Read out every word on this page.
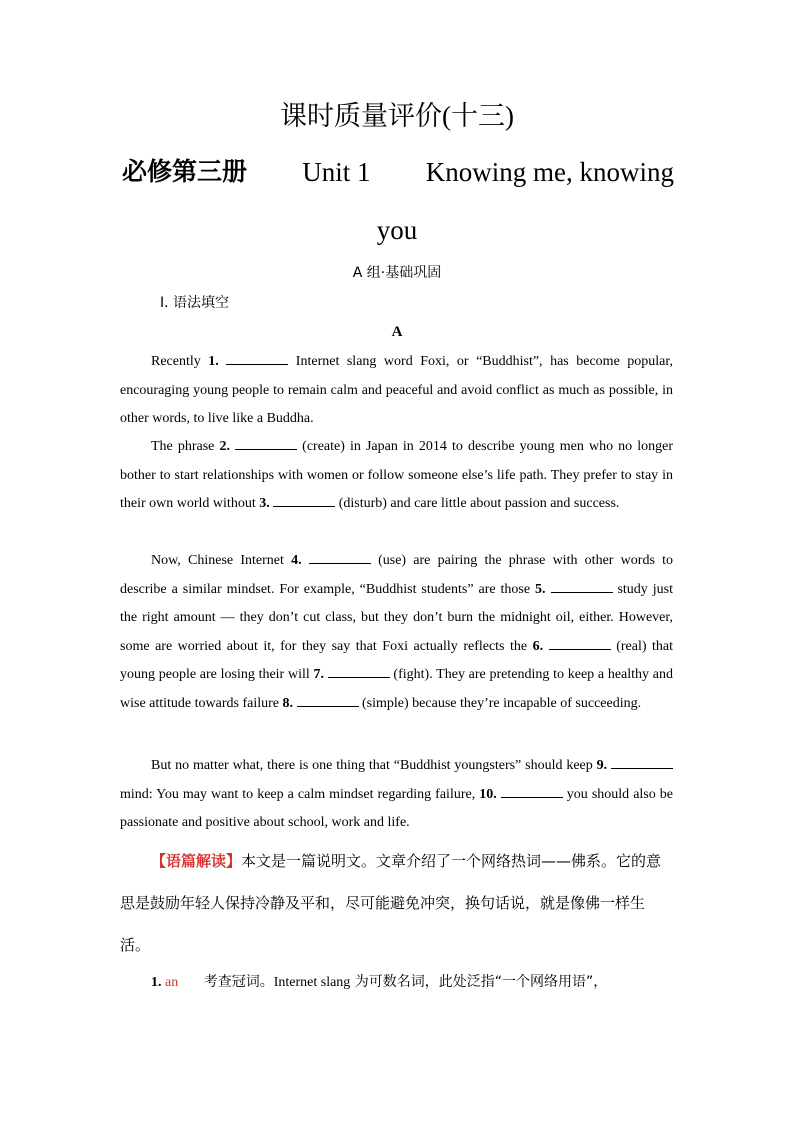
课时质量评价(十三)
必修第三册 Unit 1 Knowing me, knowing
you
A 组·基础巩固
Ⅰ. 语法填空
A

Recently 1.	Internet slang word Foxi, or “Buddhist”, has become popular, encouraging young people to remain calm and peaceful and avoid conflict as much as possible, in other words, to live like a Buddha.

The phrase 2.	(create) in Japan in 2014 to describe young men who no longer bother to start relationships with women or follow someone else’s life path. They prefer to stay in their own world without 3.	(disturb) and care little about passion and success.

Now, Chinese Internet 4.	(use) are pairing the phrase with other words to describe a similar mindset. For example, “Buddhist students” are those 5.	study just the right amount — they don’t cut class, but they don’t burn the midnight oil, either. However, some are worried about it, for they say that Foxi actually reflects the 6.	(real) that young people are losing their will 7.	(fight). They are pretending to keep a healthy and wise attitude towards failure 8.	(simple) because they’re incapable of succeeding.

But no matter what, there is one thing that “Buddhist youngsters” should keep 9.  mind: You may want to keep a calm mindset regarding failure, 10.	you should also be passionate and positive about school, work and life.

【语篇解读】本文是一篇说明文。文章介绍了一个网络热词——佛系。它的意思是鼓励年轻人保持冷静及平和，尽可能避免冲突，换句话说，就是像佛一样生活。
1. an 考查冠词。Internet slang 为可数名词，此处泛指“一个网络用语”，
